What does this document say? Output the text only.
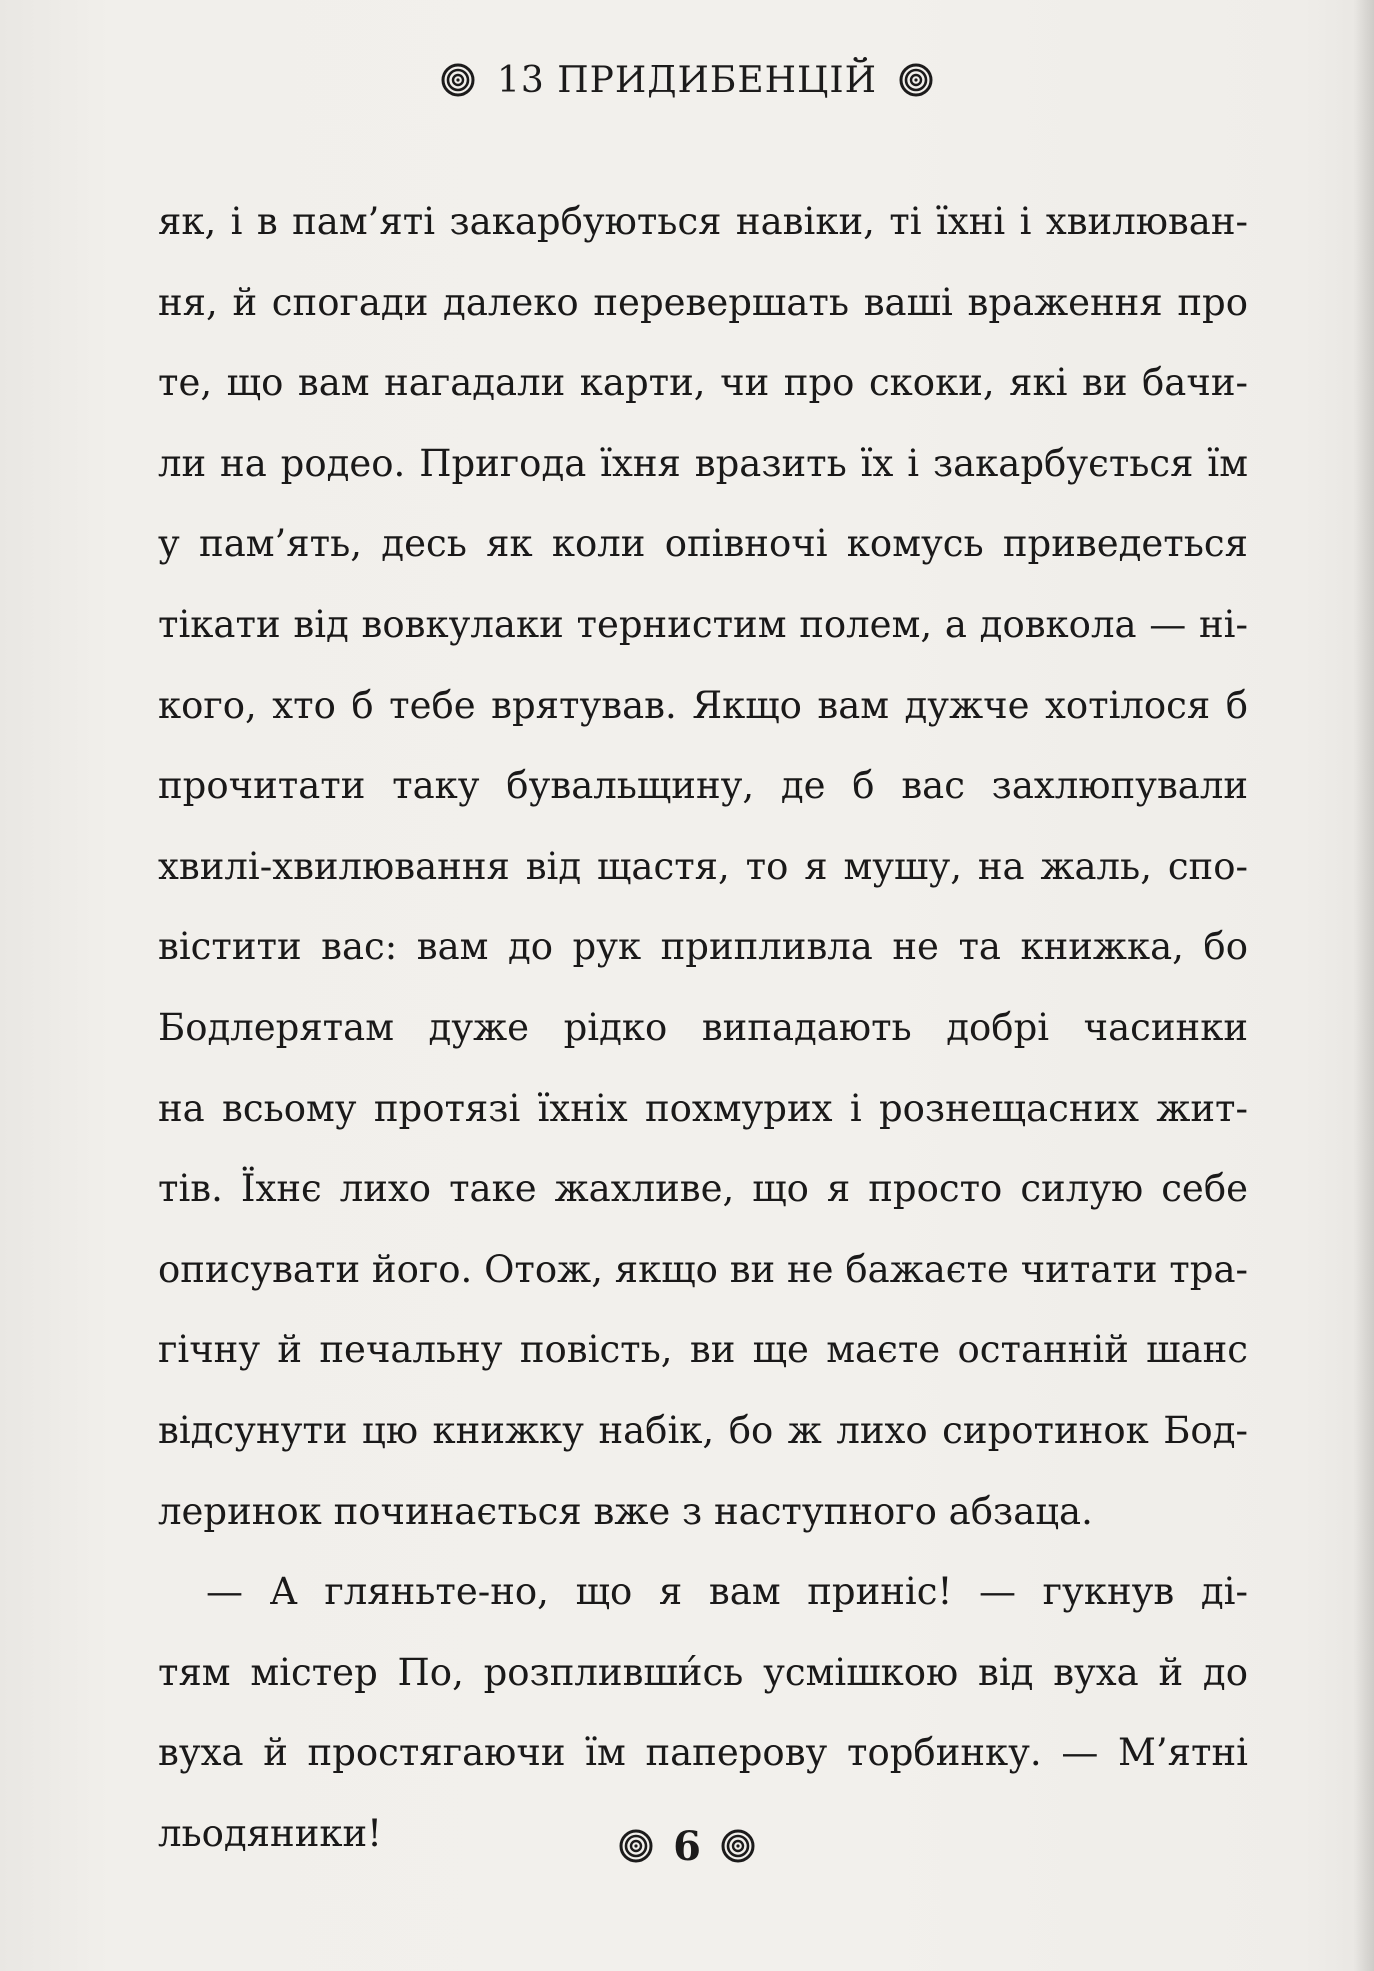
13 ПРИДИБЕНЦІЙ
як, і в пам’яті закарбуються навіки, ті їхні і хвилюван-
ня, й спогади далеко перевершать ваші враження про
те, що вам нагадали карти, чи про скоки, які ви бачи-
ли на родео. Пригода їхня вразить їх і закарбується їм
у пам’ять, десь як коли опівночі комусь приведеться
тікати від вовкулаки тернистим полем, а довкола — ні-
кого, хто б тебе врятував. Якщо вам дужче хотілося б
прочитати таку бувальщину, де б вас захлюпували
хвилі-хвилювання від щастя, то я мушу, на жаль, спо-
вістити вас: вам до рук припливла не та книжка, бо
Бодлерятам дуже рідко випадають добрі часинки
на всьому протязі їхніх похмурих і рознещасних жит-
тів. Їхнє лихо таке жахливе, що я просто силую себе
описувати його. Отож, якщо ви не бажаєте читати тра-
гічну й печальну повість, ви ще маєте останній шанс
відсунути цю книжку набік, бо ж лихо сиротинок Бод-
леринок починається вже з наступного абзаца.
— А гляньте-но, що я вам приніс! — гукнув ді-
тям містер По, розпливши́сь усмішкою від вуха й до
вуха й простягаючи їм паперову торбинку. — М’ятні
льодяники!	6
